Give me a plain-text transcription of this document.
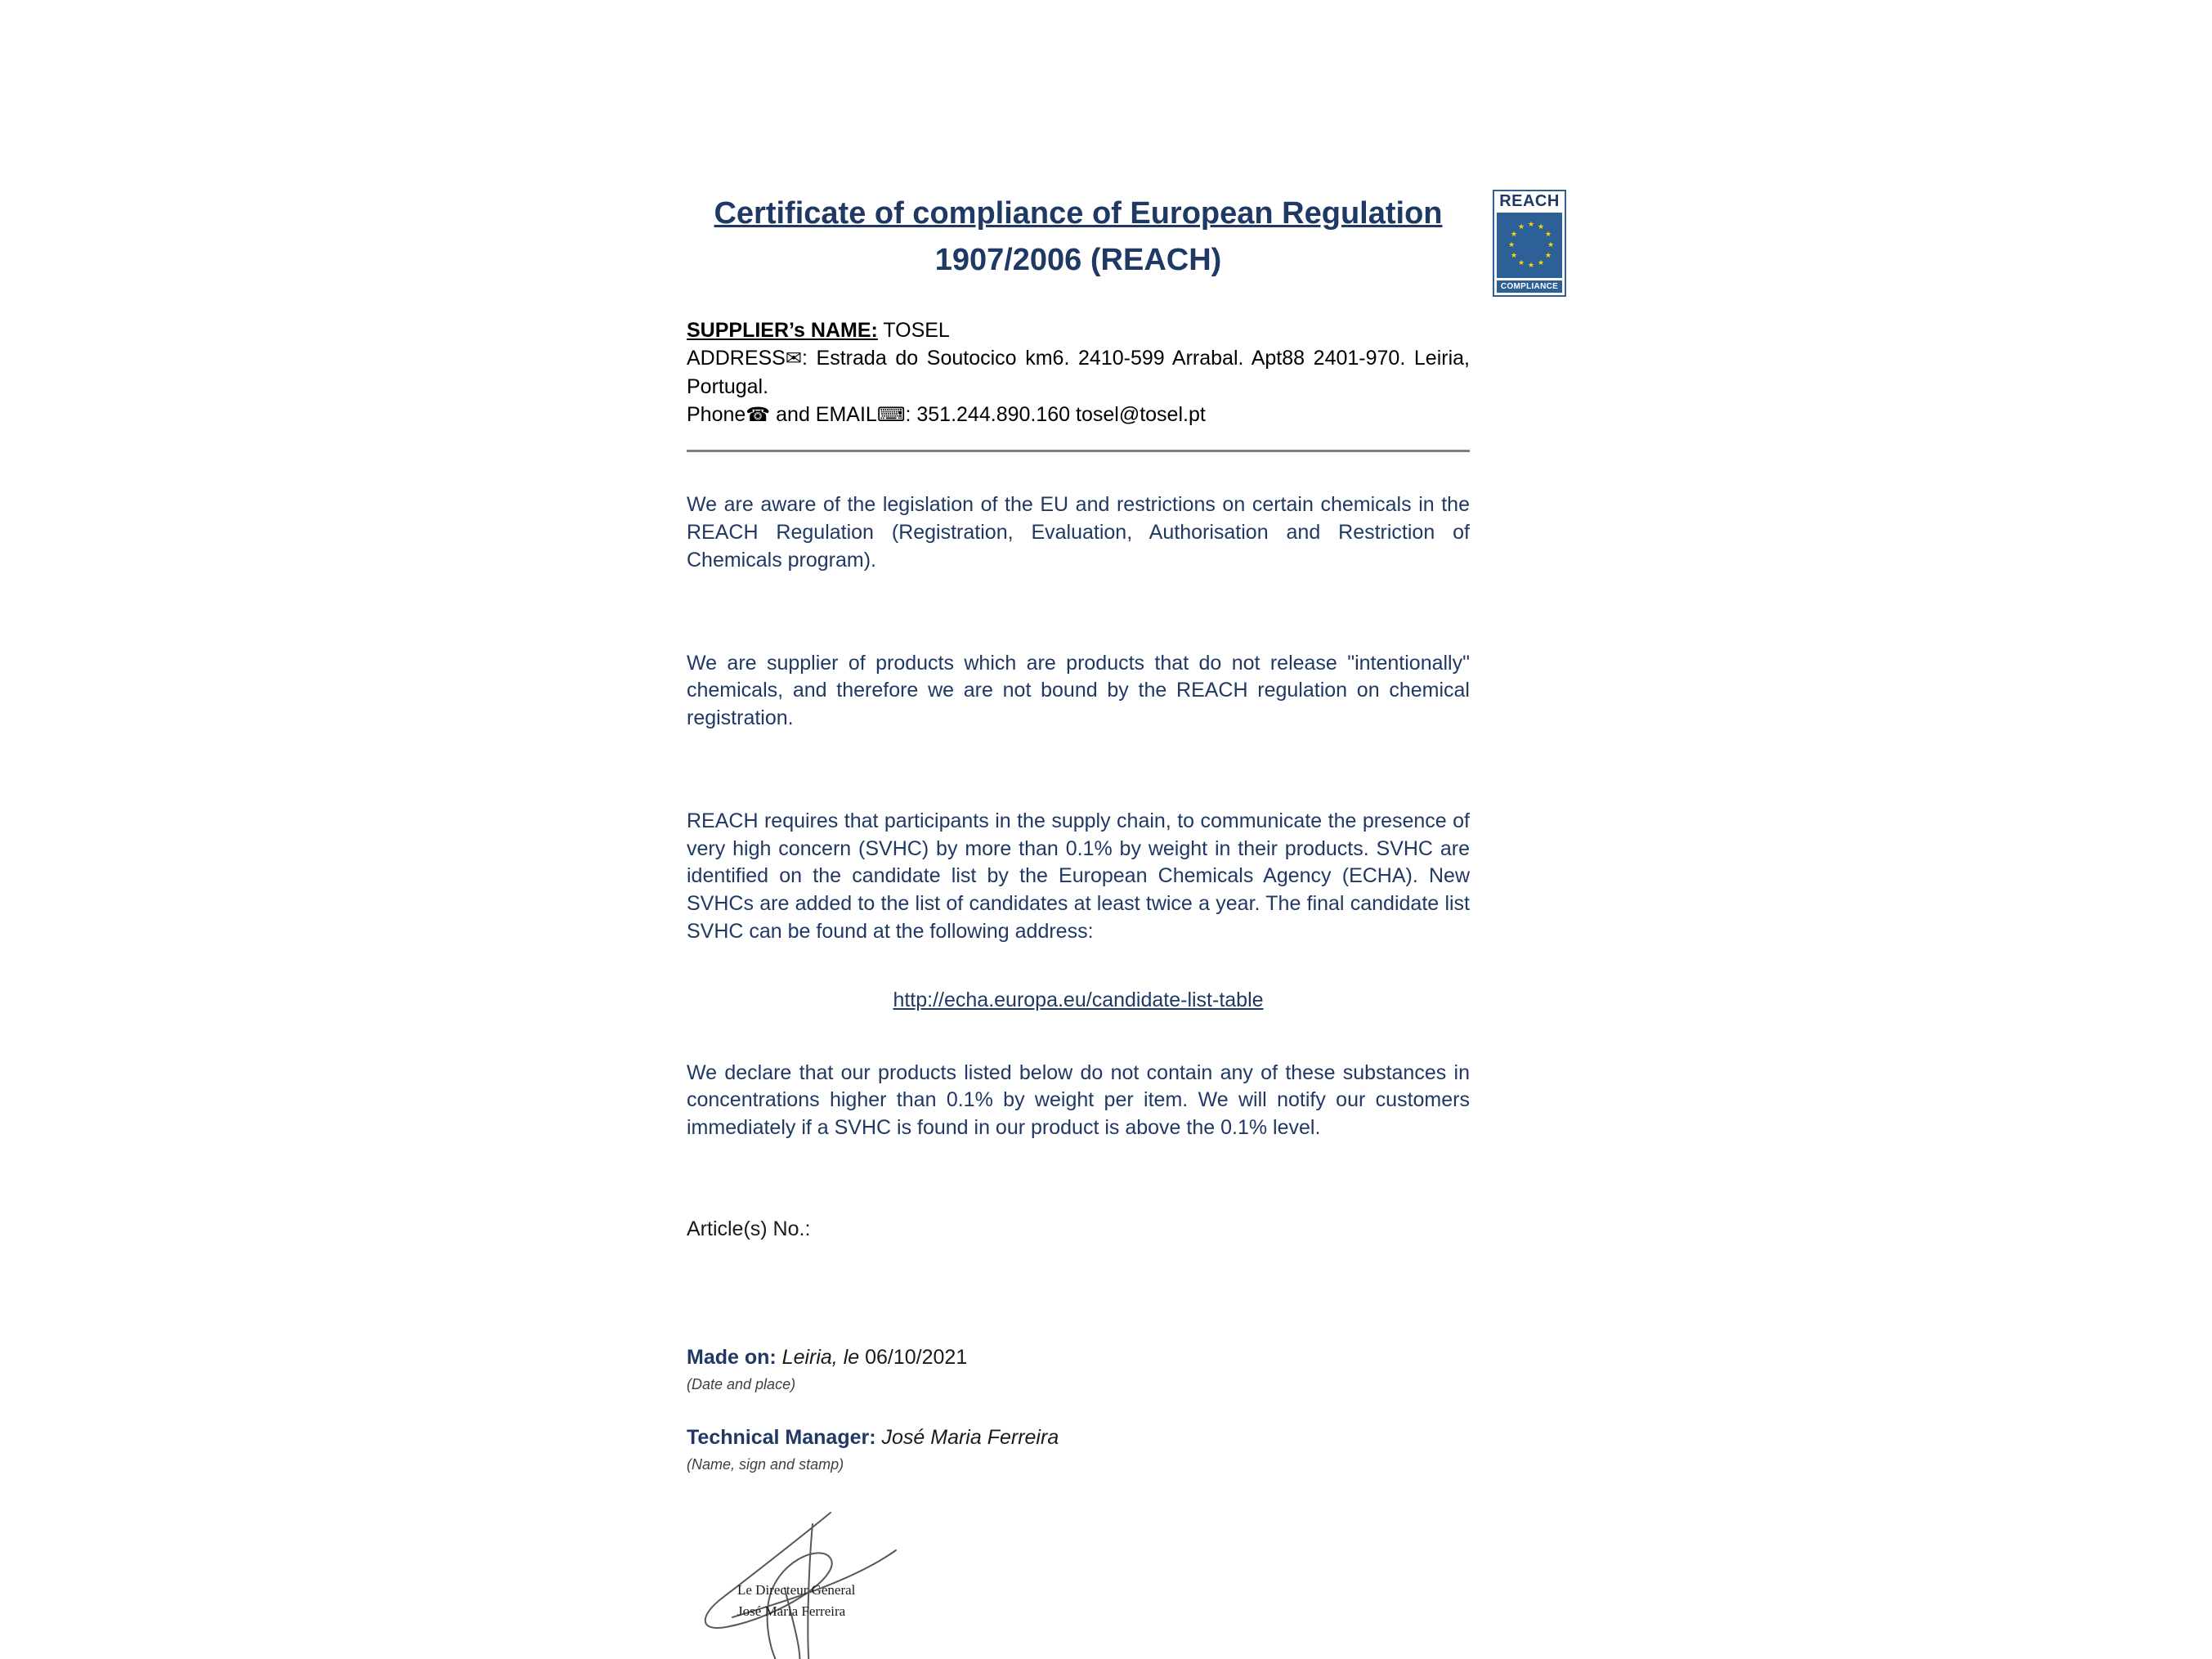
REACH
★ ★
★
★
★
★
★
★
★
★
★
★
COMPLIANCE
Certificate of compliance of European Regulation
1907/2006 (REACH)
SUPPLIER’s NAME: TOSEL
ADDRESS✉: Estrada do Soutocico km6. 2410-599 Arrabal. Apt88 2401-970. Leiria, Portugal.
Phone☎ and EMAIL⌨: 351.244.890.160 tosel@tosel.pt

We are aware of the legislation of the EU and restrictions on certain chemicals in the REACH Regulation (Registration, Evaluation, Authorisation and Restriction of Chemicals program).

We are supplier of products which are products that do not release "intentionally" chemicals, and therefore we are not bound by the REACH regulation on chemical registration.

REACH requires that participants in the supply chain, to communicate the presence of very high concern (SVHC) by more than 0.1% by weight in their products. SVHC are identified on the candidate list by the European Chemicals Agency (ECHA). New SVHCs are added to the list of candidates at least twice a year. The final candidate list SVHC can be found at the following address:

http://echa.europa.eu/candidate-list-table

We declare that our products listed below do not contain any of these substances in concentrations higher than 0.1% by weight per item. We will notify our customers immediately if a SVHC is found in our product is above the 0.1% level.

Article(s) No.:
Made on: Leiria, le 06/10/2021
(Date and place)
Technical Manager: José Maria Ferreira
(Name, sign and stamp)
Le Directeur General
José Maria Ferreira
